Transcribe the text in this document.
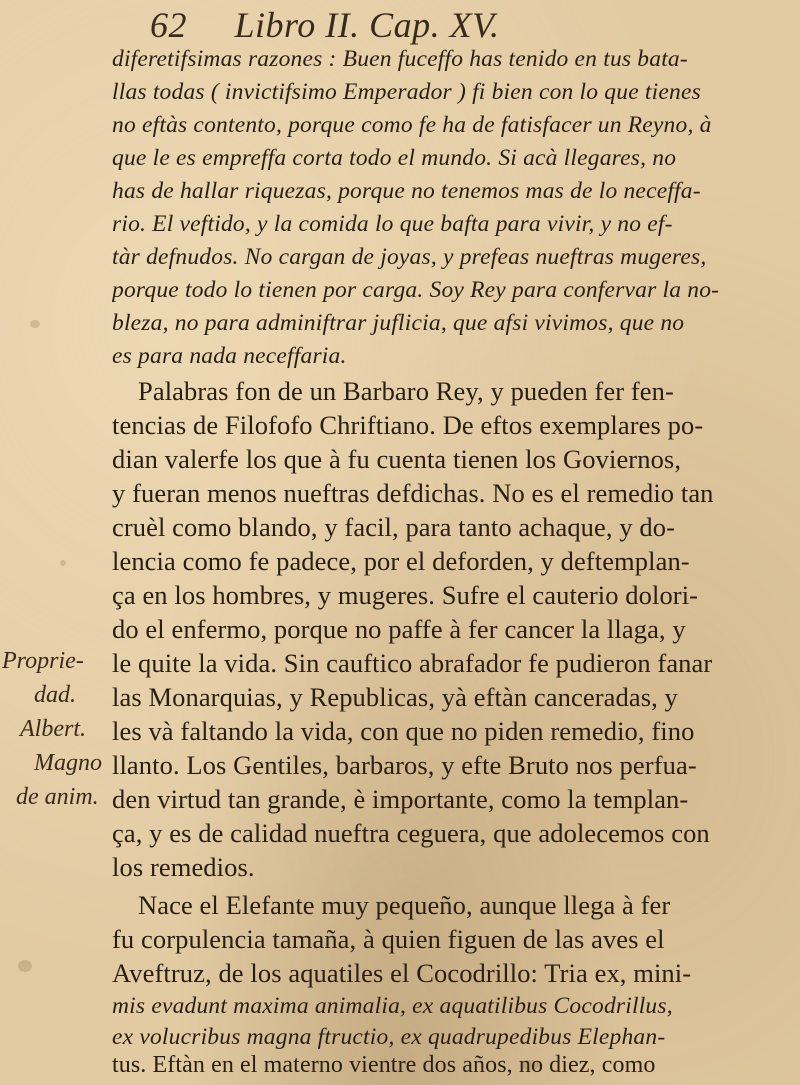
62 Libro II. Cap. XV.
diferetifsimas razones : Buen fuceffo has tenido en tus bata-
llas todas ( invictifsimo Emperador ) fi bien con lo que tienes
no eftàs contento, porque como fe ha de fatisfacer un Reyno, à
que le es empreffa corta todo el mundo. Si acà llegares, no
has de hallar riquezas, porque no tenemos mas de lo neceffa-
rio. El veftido, y la comida lo que bafta para vivir, y no ef-
tàr defnudos. No cargan de joyas, y prefeas nueftras mugeres,
porque todo lo tienen por carga. Soy Rey para confervar la no-
bleza, no para adminiftrar juflicia, que afsi vivimos, que no
es para nada neceffaria.
Palabras fon de un Barbaro Rey, y pueden fer fen-
tencias de Filofofo Chriftiano. De eftos exemplares po-
dian valerfe los que à fu cuenta tienen los Goviernos,
y fueran menos nueftras defdichas. No es el remedio tan
cruèl como blando, y facil, para tanto achaque, y do-
lencia como fe padece, por el deforden, y deftemplan-
ça en los hombres, y mugeres. Sufre el cauterio dolori-
do el enfermo, porque no paffe à fer cancer la llaga, y
le quite la vida. Sin cauftico abrafador fe pudieron fanar
las Monarquias, y Republicas, yà eftàn canceradas, y
les và faltando la vida, con que no piden remedio, fino
llanto. Los Gentiles, barbaros, y efte Bruto nos perfua-
den virtud tan grande, è importante, como la templan-
ça, y es de calidad nueftra ceguera, que adolecemos con
los remedios.
Nace el Elefante muy pequeño, aunque llega à fer
fu corpulencia tamaña, à quien figuen de las aves el
Aveftruz, de los aquatiles el Cocodrillo: Tria ex, mini-
mis evadunt maxima animalia, ex aquatilibus Cocodrillus,
ex volucribus magna ftructio, ex quadrupedibus Elephan-
tus. Eftàn en el materno vientre dos años, no diez, como
Proprie-
dad.
Albert.
Magno
de anim.
